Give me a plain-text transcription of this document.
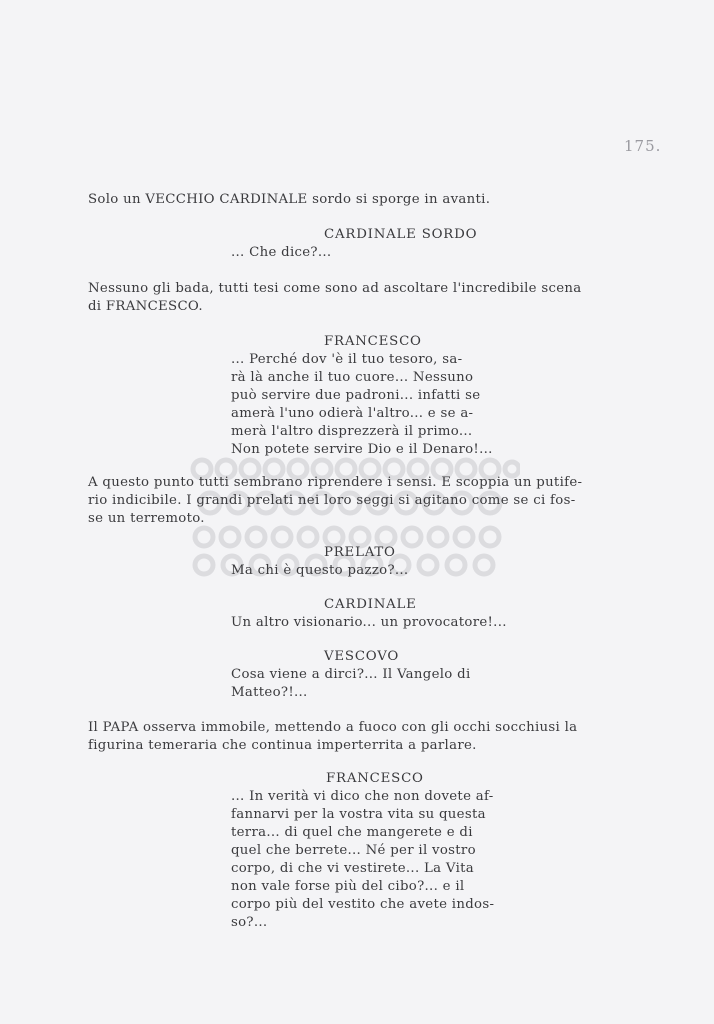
175.
Solo un VECCHIO CARDINALE sordo si sporge in avanti.
CARDINALE SORDO
... Che dice?...
Nessuno gli bada, tutti tesi come sono ad ascoltare l'incredibile scena
di FRANCESCO.
FRANCESCO
... Perché dov 'è il tuo tesoro, sa-
rà là anche il tuo cuore... Nessuno
può servire due padroni... infatti se
amerà l'uno odierà l'altro... e se a-
merà l'altro disprezzerà il primo...
Non potete servire Dio e il Denaro!...
A questo punto tutti sembrano riprendere i sensi. E scoppia un putife-
rio indicibile. I grandi prelati nei loro seggi si agitano come se ci fos-
se un terremoto.
PRELATO
Ma chi è questo pazzo?...
CARDINALE
Un altro visionario... un provocatore!...
VESCOVO
Cosa viene a dirci?... Il Vangelo di
Matteo?!...
Il PAPA osserva immobile, mettendo a fuoco con gli occhi socchiusi la
figurina temeraria che continua imperterrita a parlare.
FRANCESCO
... In verità vi dico che non dovete af-
fannarvi per la vostra vita su questa
terra... di quel che mangerete e di
quel che berrete... Né per il vostro
corpo, di che vi vestirete... La Vita
non vale forse più del cibo?... e il
corpo più del vestito che avete indos-
so?...
